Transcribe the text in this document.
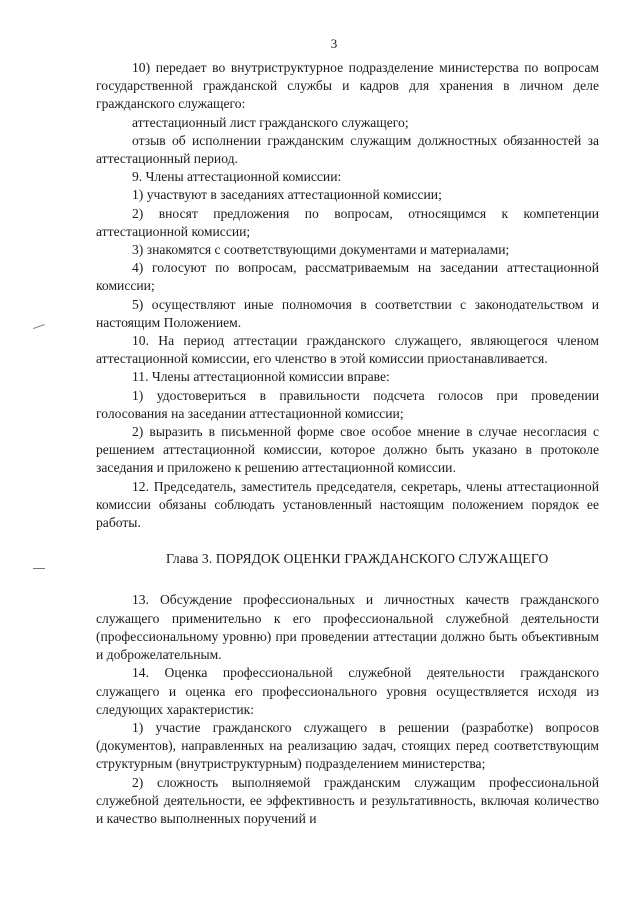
3

10) передает во внутриструктурное подразделение министерства по вопросам государственной гражданской службы и кадров для хранения в личном деле гражданского служащего:

аттестационный лист гражданского служащего;

отзыв об исполнении гражданским служащим должностных обязанностей за аттестационный период.

9. Члены аттестационной комиссии:

1) участвуют в заседаниях аттестационной комиссии;

2) вносят предложения по вопросам, относящимся к компетенции аттестационной комиссии;

3) знакомятся с соответствующими документами и материалами;

4) голосуют по вопросам, рассматриваемым на заседании аттестационной комиссии;

5) осуществляют иные полномочия в соответствии с законодательством и настоящим Положением.

10. На период аттестации гражданского служащего, являющегося членом аттестационной комиссии, его членство в этой комиссии приостанавливается.

11. Члены аттестационной комиссии вправе:

1) удостовериться в правильности подсчета голосов при проведении голосования на заседании аттестационной комиссии;

2) выразить в письменной форме свое особое мнение в случае несогласия с решением аттестационной комиссии, которое должно быть указано в протоколе заседания и приложено к решению аттестационной комиссии.

12. Председатель, заместитель председателя, секретарь, члены аттестационной комиссии обязаны соблюдать установленный настоящим положением порядок ее работы.

Глава 3. ПОРЯДОК ОЦЕНКИ ГРАЖДАНСКОГО СЛУЖАЩЕГО

13. Обсуждение профессиональных и личностных качеств гражданского служащего применительно к его профессиональной служебной деятельности (профессиональному уровню) при проведении аттестации должно быть объективным и доброжелательным.

14. Оценка профессиональной служебной деятельности гражданского служащего и оценка его профессионального уровня осуществляется исходя из следующих характеристик:

1) участие гражданского служащего в решении (разработке) вопросов (документов), направленных на реализацию задач, стоящих перед соответствующим структурным (внутриструктурным) подразделением министерства;

2) сложность выполняемой гражданским служащим профессиональной служебной деятельности, ее эффективность и результативность, включая количество и качество выполненных поручений и
